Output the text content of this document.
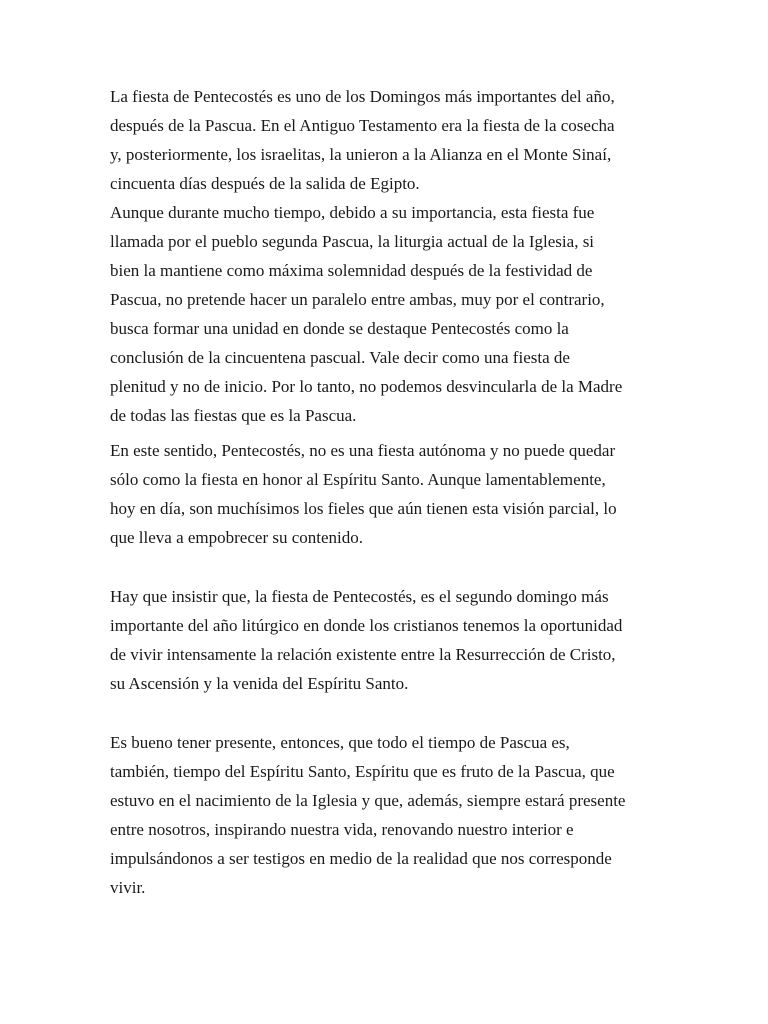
La fiesta de Pentecostés es uno de los Domingos más importantes del año,
después de la Pascua. En el Antiguo Testamento era la fiesta de la cosecha
y, posteriormente, los israelitas, la unieron a la Alianza en el Monte Sinaí,
cincuenta días después de la salida de Egipto.

Aunque durante mucho tiempo, debido a su importancia, esta fiesta fue
llamada por el pueblo segunda Pascua, la liturgia actual de la Iglesia, si
bien la mantiene como máxima solemnidad después de la festividad de
Pascua, no pretende hacer un paralelo entre ambas, muy por el contrario,
busca formar una unidad en donde se destaque Pentecostés como la
conclusión de la cincuentena pascual. Vale decir como una fiesta de
plenitud y no de inicio. Por lo tanto, no podemos desvincularla de la Madre
de todas las fiestas que es la Pascua.

En este sentido, Pentecostés, no es una fiesta autónoma y no puede quedar
sólo como la fiesta en honor al Espíritu Santo. Aunque lamentablemente,
hoy en día, son muchísimos los fieles que aún tienen esta visión parcial, lo
que lleva a empobrecer su contenido.

Hay que insistir que, la fiesta de Pentecostés, es el segundo domingo más
importante del año litúrgico en donde los cristianos tenemos la oportunidad
de vivir intensamente la relación existente entre la Resurrección de Cristo,
su Ascensión y la venida del Espíritu Santo.

Es bueno tener presente, entonces, que todo el tiempo de Pascua es,
también, tiempo del Espíritu Santo, Espíritu que es fruto de la Pascua, que
estuvo en el nacimiento de la Iglesia y que, además, siempre estará presente
entre nosotros, inspirando nuestra vida, renovando nuestro interior e
impulsándonos a ser testigos en medio de la realidad que nos corresponde
vivir.
